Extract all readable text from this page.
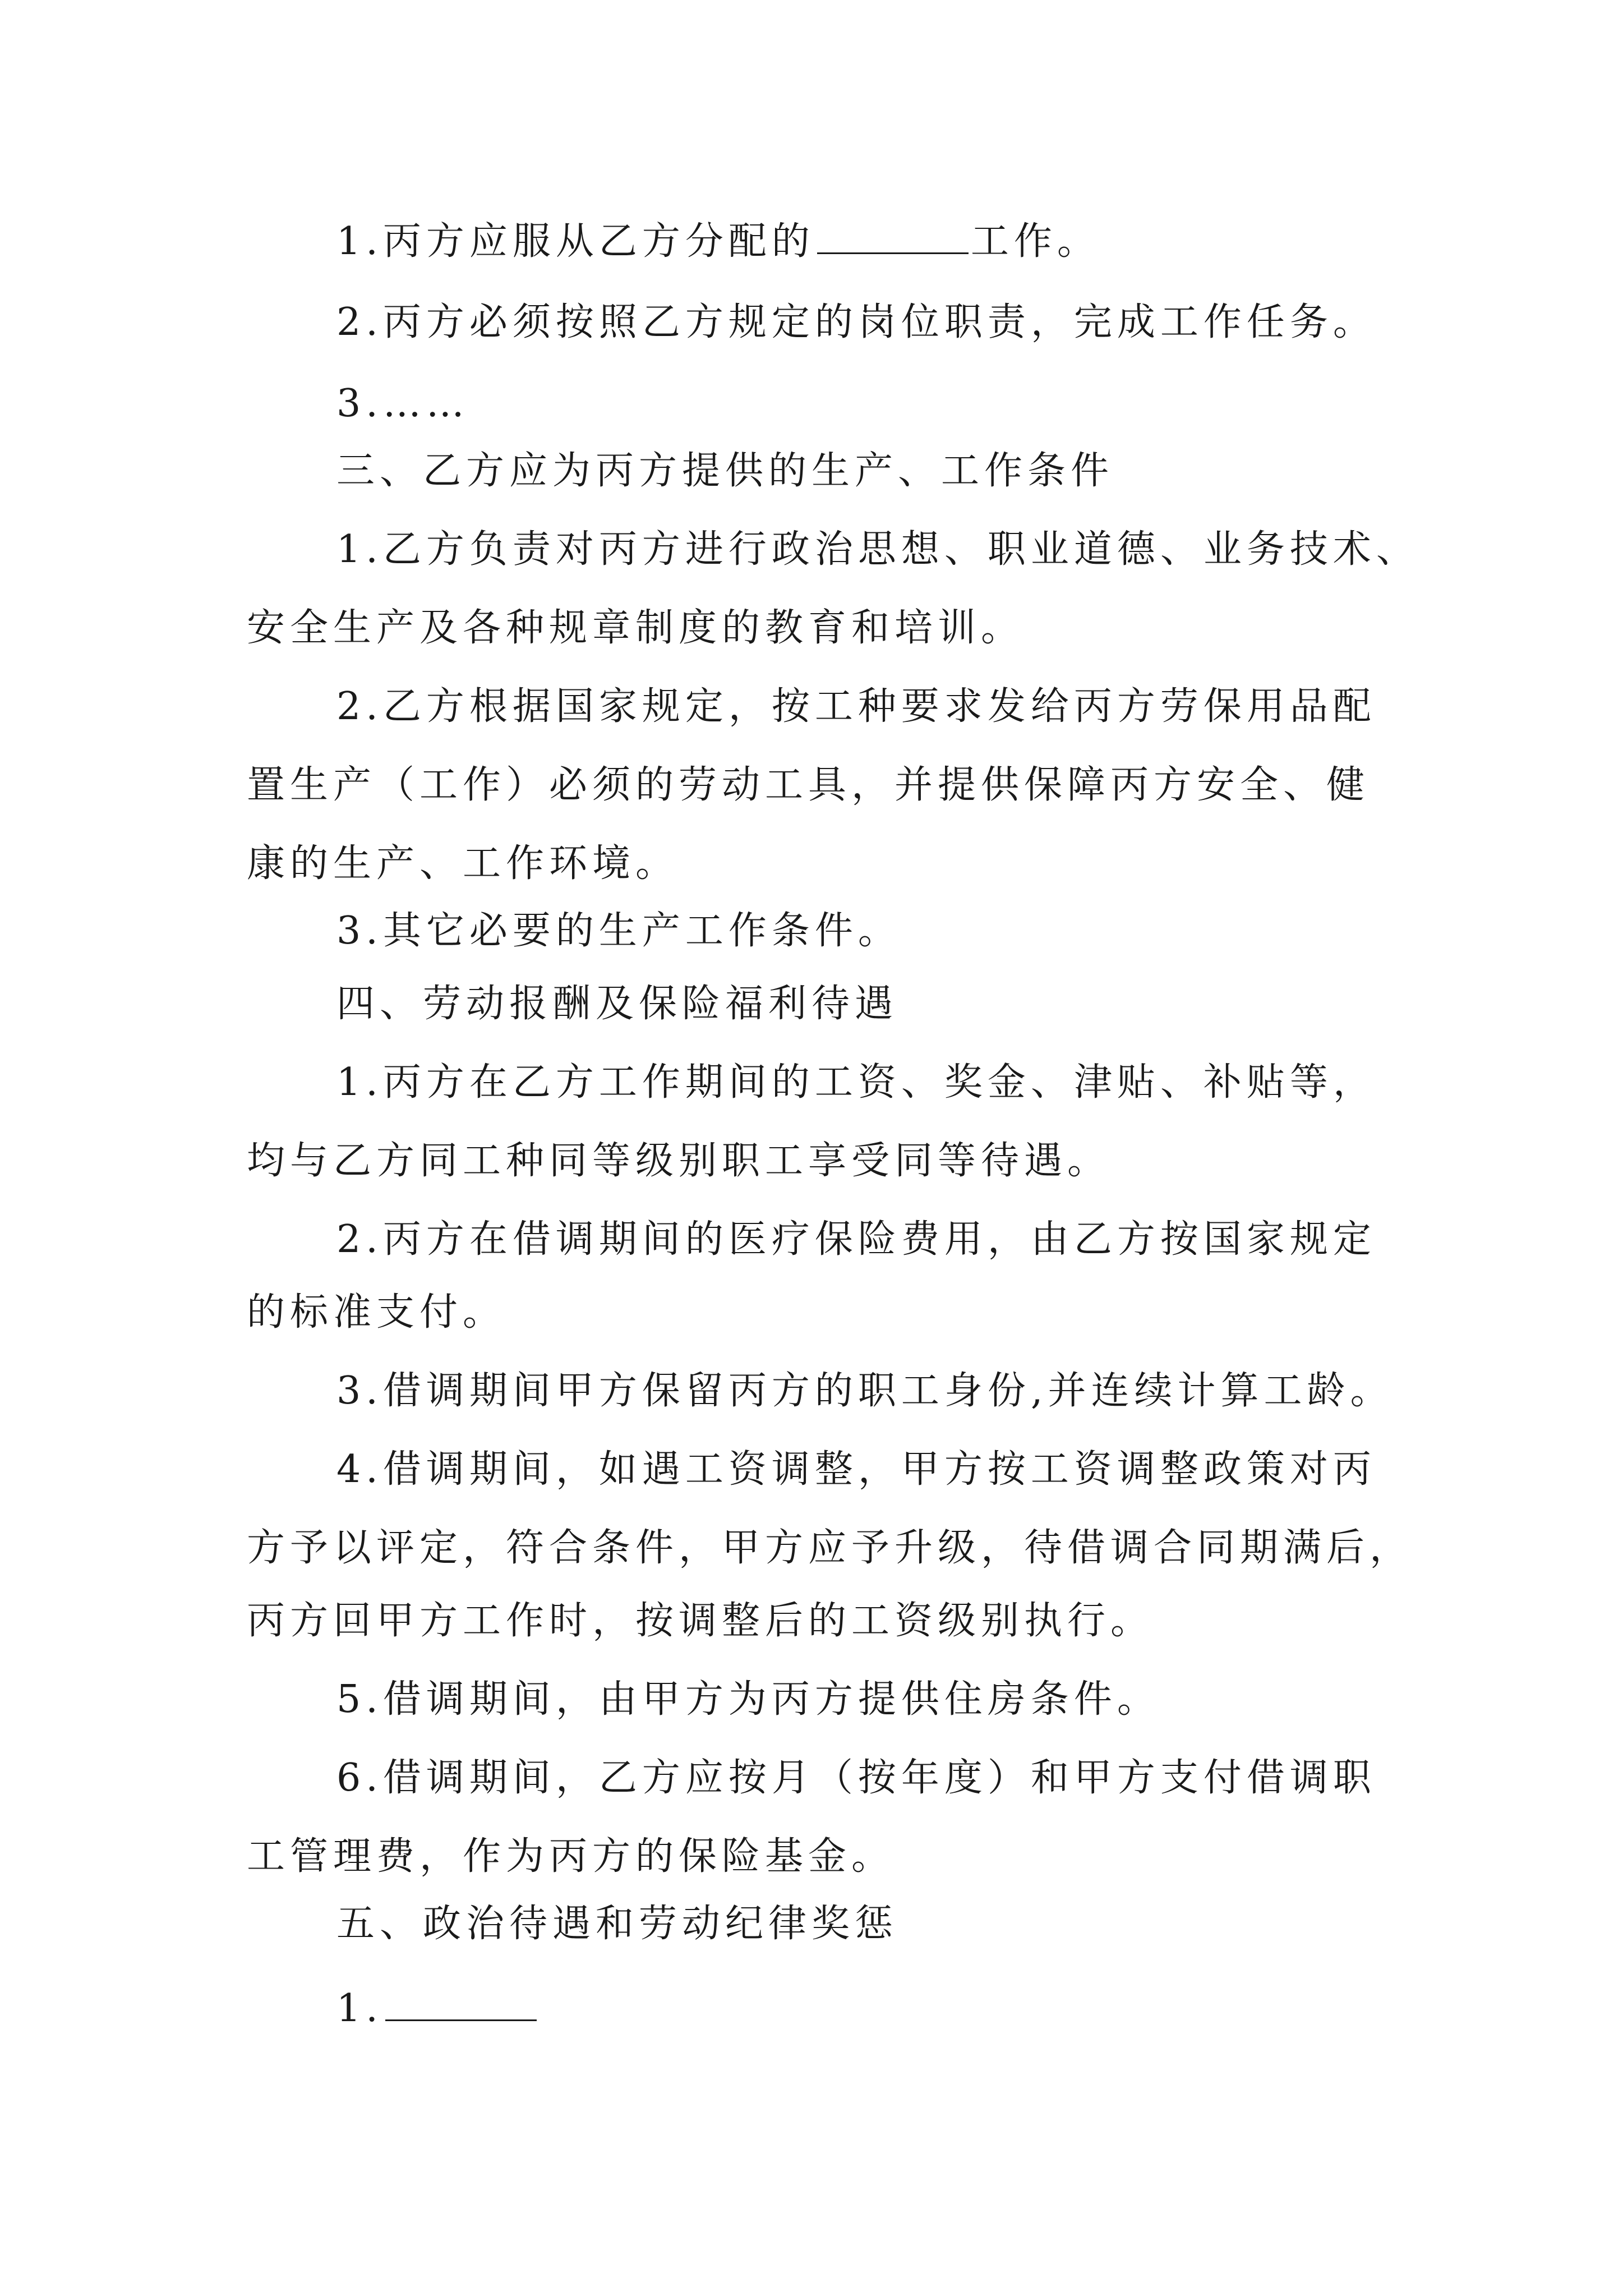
1.丙方应服从乙方分配的	工作。
2.丙方必须按照乙方规定的岗位职责，完成工作任务。
3.……
三、乙方应为丙方提供的生产、工作条件
1.乙方负责对丙方进行政治思想、职业道德、业务技术、
安全生产及各种规章制度的教育和培训。
2.乙方根据国家规定，按工种要求发给丙方劳保用品配
置生产（工作）必须的劳动工具，并提供保障丙方安全、健
康的生产、工作环境。
3.其它必要的生产工作条件。
四、劳动报酬及保险福利待遇
1.丙方在乙方工作期间的工资、奖金、津贴、补贴等，
均与乙方同工种同等级别职工享受同等待遇。
2.丙方在借调期间的医疗保险费用，由乙方按国家规定
的标准支付。
3.借调期间甲方保留丙方的职工身份,并连续计算工龄。
4.借调期间，如遇工资调整，甲方按工资调整政策对丙
方予以评定，符合条件，甲方应予升级，待借调合同期满后，
丙方回甲方工作时，按调整后的工资级别执行。
5.借调期间，由甲方为丙方提供住房条件。
6.借调期间，乙方应按月（按年度）和甲方支付借调职
工管理费，作为丙方的保险基金。
五、政治待遇和劳动纪律奖惩
1.
